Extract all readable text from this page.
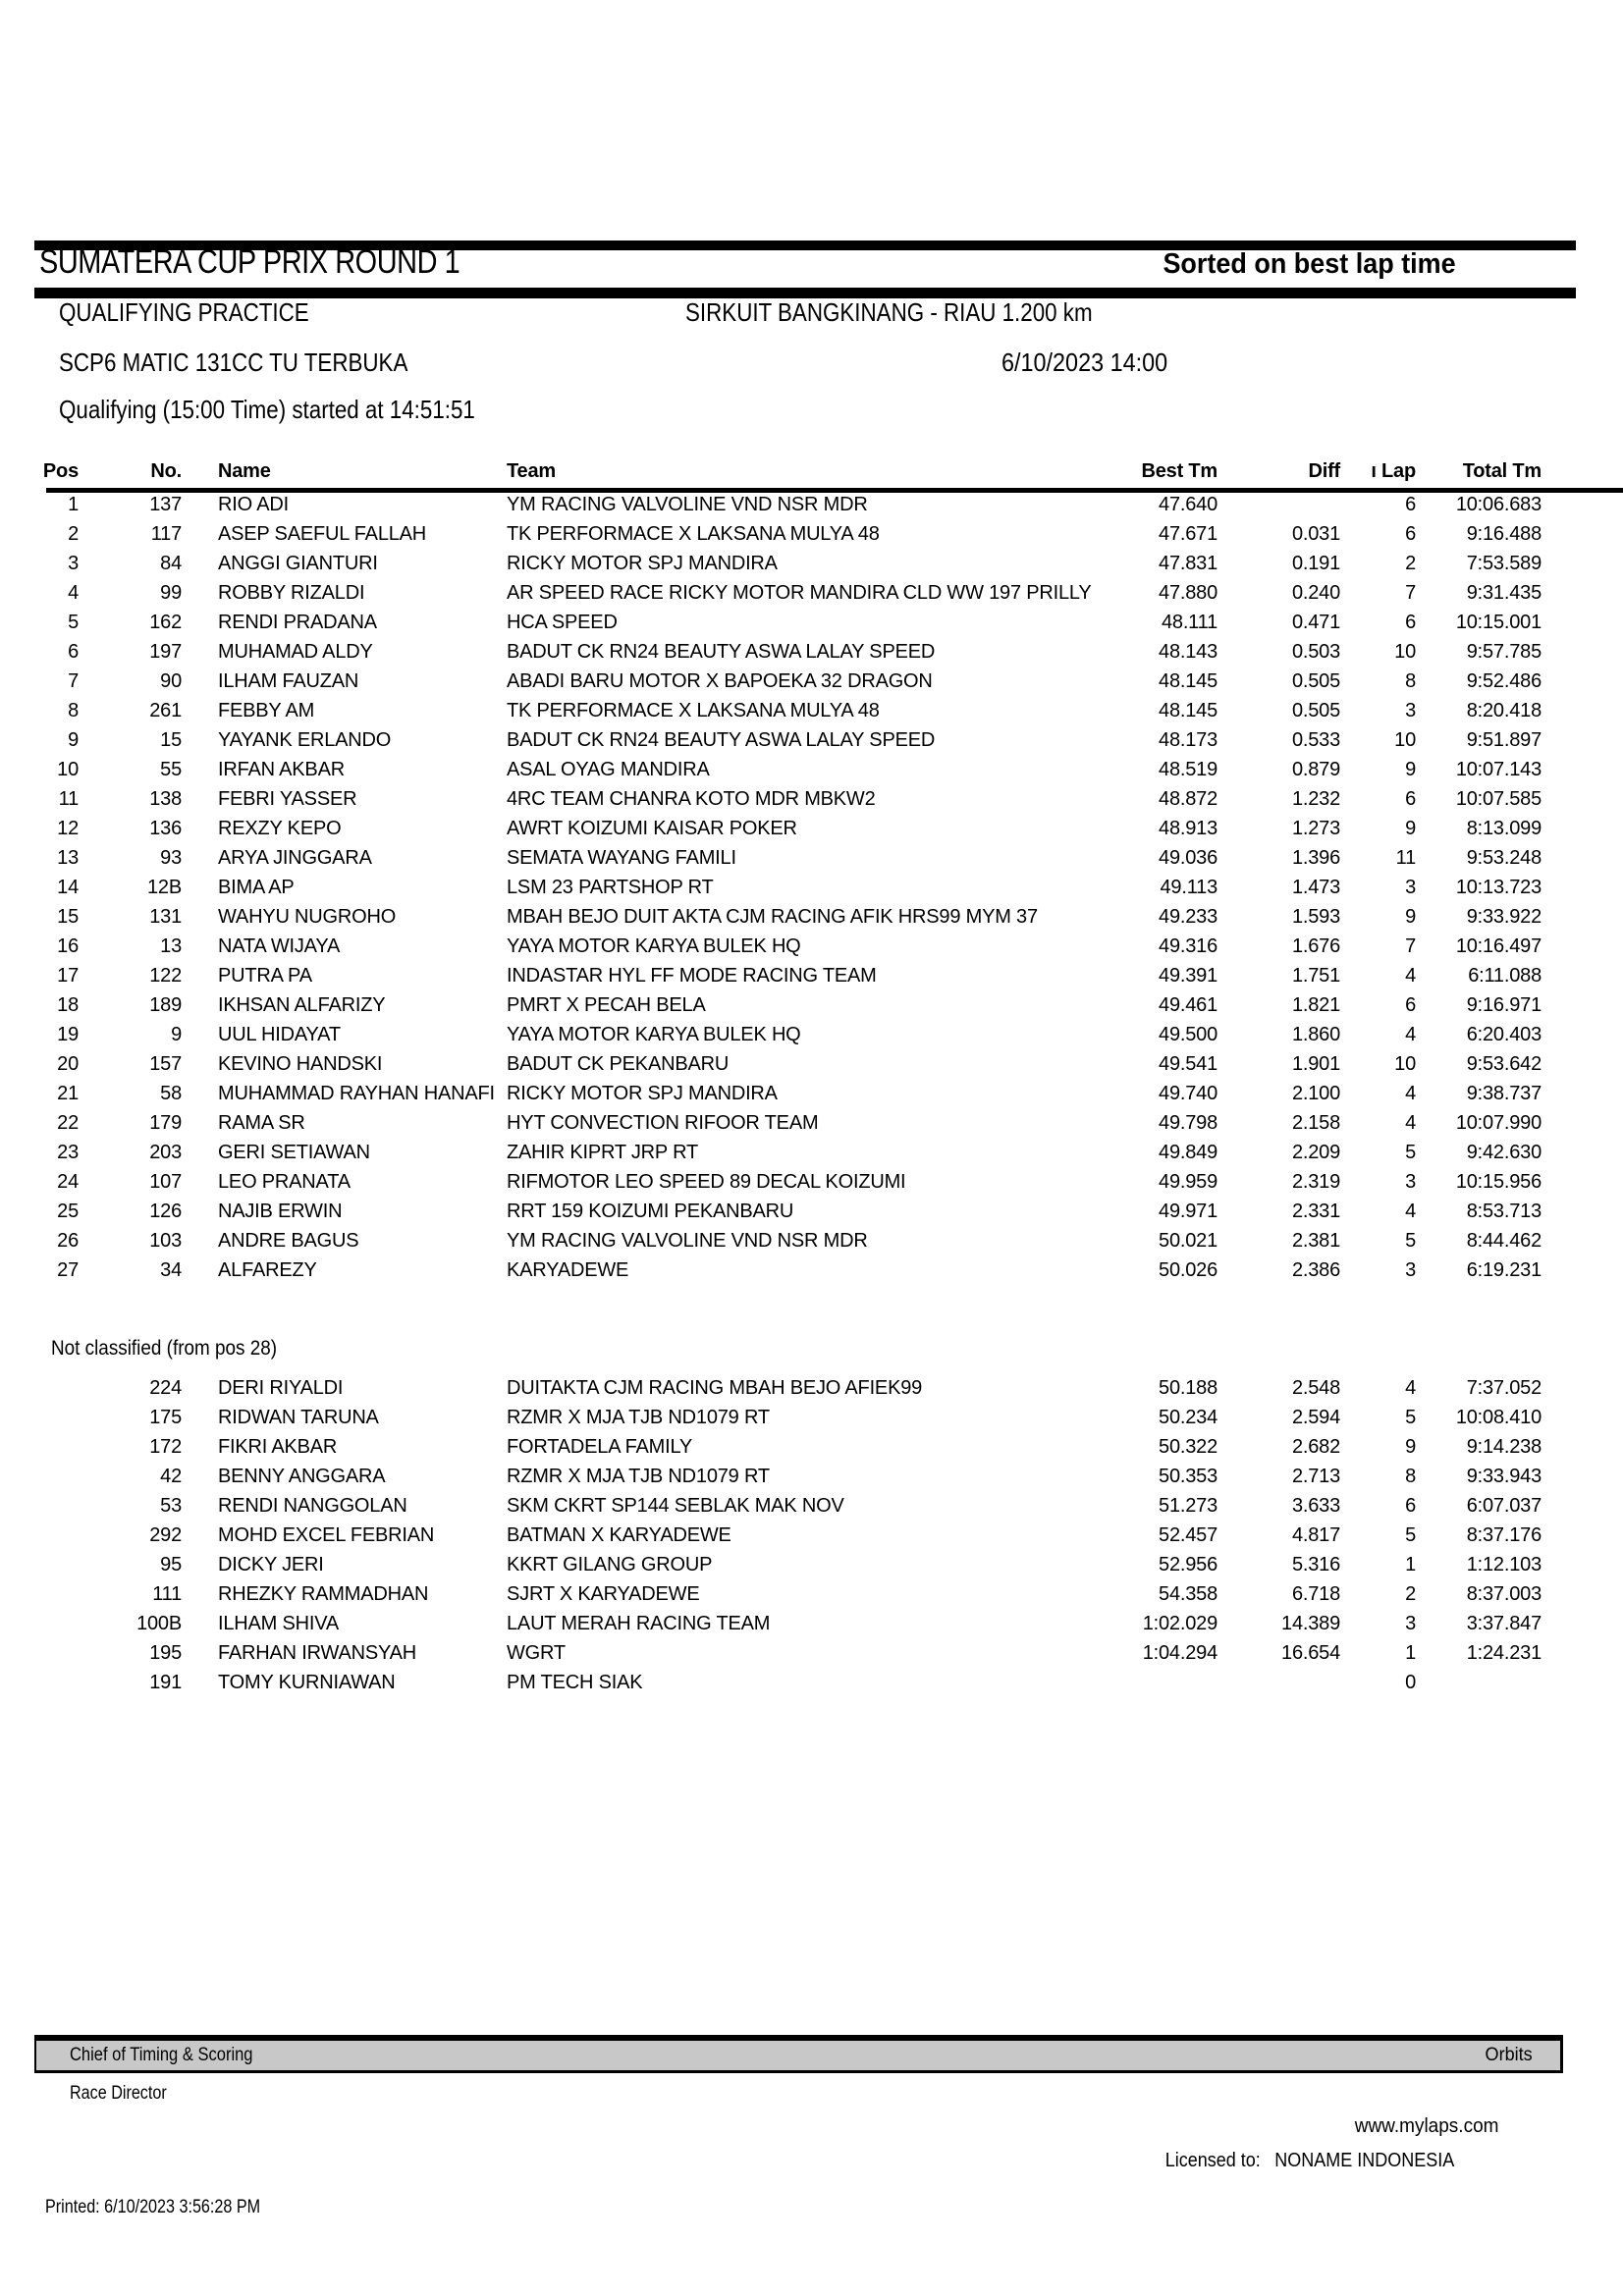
SUMATERA CUP PRIX ROUND 1	Sorted on best lap time
QUALIFYING PRACTICE	SIRKUIT BANGKINANG - RIAU 1.200 km
SCP6 MATIC 131CC TU TERBUKA	6/10/2023 14:00
Qualifying (15:00 Time) started at 14:51:51
Pos	No.	Name	Team	Best Tm	Diff	ı Lap	Total Tm
1	137	RIO ADI	YM RACING VALVOLINE VND NSR MDR	47.640		6	10:06.683
2	117	ASEP SAEFUL FALLAH	TK PERFORMACE X LAKSANA MULYA 48	47.671	0.031	6	9:16.488
3	84	ANGGI GIANTURI	RICKY MOTOR SPJ MANDIRA	47.831	0.191	2	7:53.589
4	99	ROBBY RIZALDI	AR SPEED RACE RICKY MOTOR MANDIRA CLD WW 197 PRILLY	47.880	0.240	7	9:31.435
5	162	RENDI PRADANA	HCA SPEED	48.111	0.471	6	10:15.001
6	197	MUHAMAD ALDY	BADUT CK RN24 BEAUTY ASWA LALAY SPEED	48.143	0.503	10	9:57.785
7	90	ILHAM FAUZAN	ABADI BARU MOTOR X BAPOEKA 32 DRAGON	48.145	0.505	8	9:52.486
8	261	FEBBY AM	TK PERFORMACE X LAKSANA MULYA 48	48.145	0.505	3	8:20.418
9	15	YAYANK ERLANDO	BADUT CK RN24 BEAUTY ASWA LALAY SPEED	48.173	0.533	10	9:51.897
10	55	IRFAN AKBAR	ASAL OYAG MANDIRA	48.519	0.879	9	10:07.143
11	138	FEBRI YASSER	4RC TEAM CHANRA KOTO MDR MBKW2	48.872	1.232	6	10:07.585
12	136	REXZY KEPO	AWRT KOIZUMI KAISAR POKER	48.913	1.273	9	8:13.099
13	93	ARYA JINGGARA	SEMATA WAYANG FAMILI	49.036	1.396	11	9:53.248
14	12B	BIMA AP	LSM 23 PARTSHOP RT	49.113	1.473	3	10:13.723
15	131	WAHYU NUGROHO	MBAH BEJO DUIT AKTA CJM RACING AFIK HRS99 MYM 37	49.233	1.593	9	9:33.922
16	13	NATA WIJAYA	YAYA MOTOR KARYA BULEK HQ	49.316	1.676	7	10:16.497
17	122	PUTRA PA	INDASTAR HYL FF MODE RACING TEAM	49.391	1.751	4	6:11.088
18	189	IKHSAN ALFARIZY	PMRT X PECAH BELA	49.461	1.821	6	9:16.971
19	9	UUL HIDAYAT	YAYA MOTOR KARYA BULEK HQ	49.500	1.860	4	6:20.403
20	157	KEVINO HANDSKI	BADUT CK PEKANBARU	49.541	1.901	10	9:53.642
21	58	MUHAMMAD RAYHAN HANAFI	RICKY MOTOR SPJ MANDIRA	49.740	2.100	4	9:38.737
22	179	RAMA SR	HYT CONVECTION RIFOOR TEAM	49.798	2.158	4	10:07.990
23	203	GERI SETIAWAN	ZAHIR KIPRT JRP RT	49.849	2.209	5	9:42.630
24	107	LEO PRANATA	RIFMOTOR LEO SPEED 89 DECAL KOIZUMI	49.959	2.319	3	10:15.956
25	126	NAJIB ERWIN	RRT 159 KOIZUMI PEKANBARU	49.971	2.331	4	8:53.713
26	103	ANDRE BAGUS	YM RACING VALVOLINE VND NSR MDR	50.021	2.381	5	8:44.462
27	34	ALFAREZY	KARYADEWE	50.026	2.386	3	6:19.231
Not classified (from pos 28)
	224	DERI RIYALDI	DUITAKTA CJM RACING MBAH BEJO AFIEK99	50.188	2.548	4	7:37.052
	175	RIDWAN TARUNA	RZMR X MJA TJB ND1079 RT	50.234	2.594	5	10:08.410
	172	FIKRI AKBAR	FORTADELA FAMILY	50.322	2.682	9	9:14.238
	42	BENNY ANGGARA	RZMR X MJA TJB ND1079 RT	50.353	2.713	8	9:33.943
	53	RENDI NANGGOLAN	SKM CKRT SP144 SEBLAK MAK NOV	51.273	3.633	6	6:07.037
	292	MOHD EXCEL FEBRIAN	BATMAN X KARYADEWE	52.457	4.817	5	8:37.176
	95	DICKY JERI	KKRT GILANG GROUP	52.956	5.316	1	1:12.103
	111	RHEZKY RAMMADHAN	SJRT X KARYADEWE	54.358	6.718	2	8:37.003
	100B	ILHAM SHIVA	LAUT MERAH RACING TEAM	1:02.029	14.389	3	3:37.847
	195	FARHAN IRWANSYAH	WGRT	1:04.294	16.654	1	1:24.231
	191	TOMY KURNIAWAN	PM TECH SIAK			0	
Chief of Timing & Scoring	Orbits
Race Director
www.mylaps.com
Licensed to: NONAME INDONESIA
Printed: 6/10/2023 3:56:28 PM
